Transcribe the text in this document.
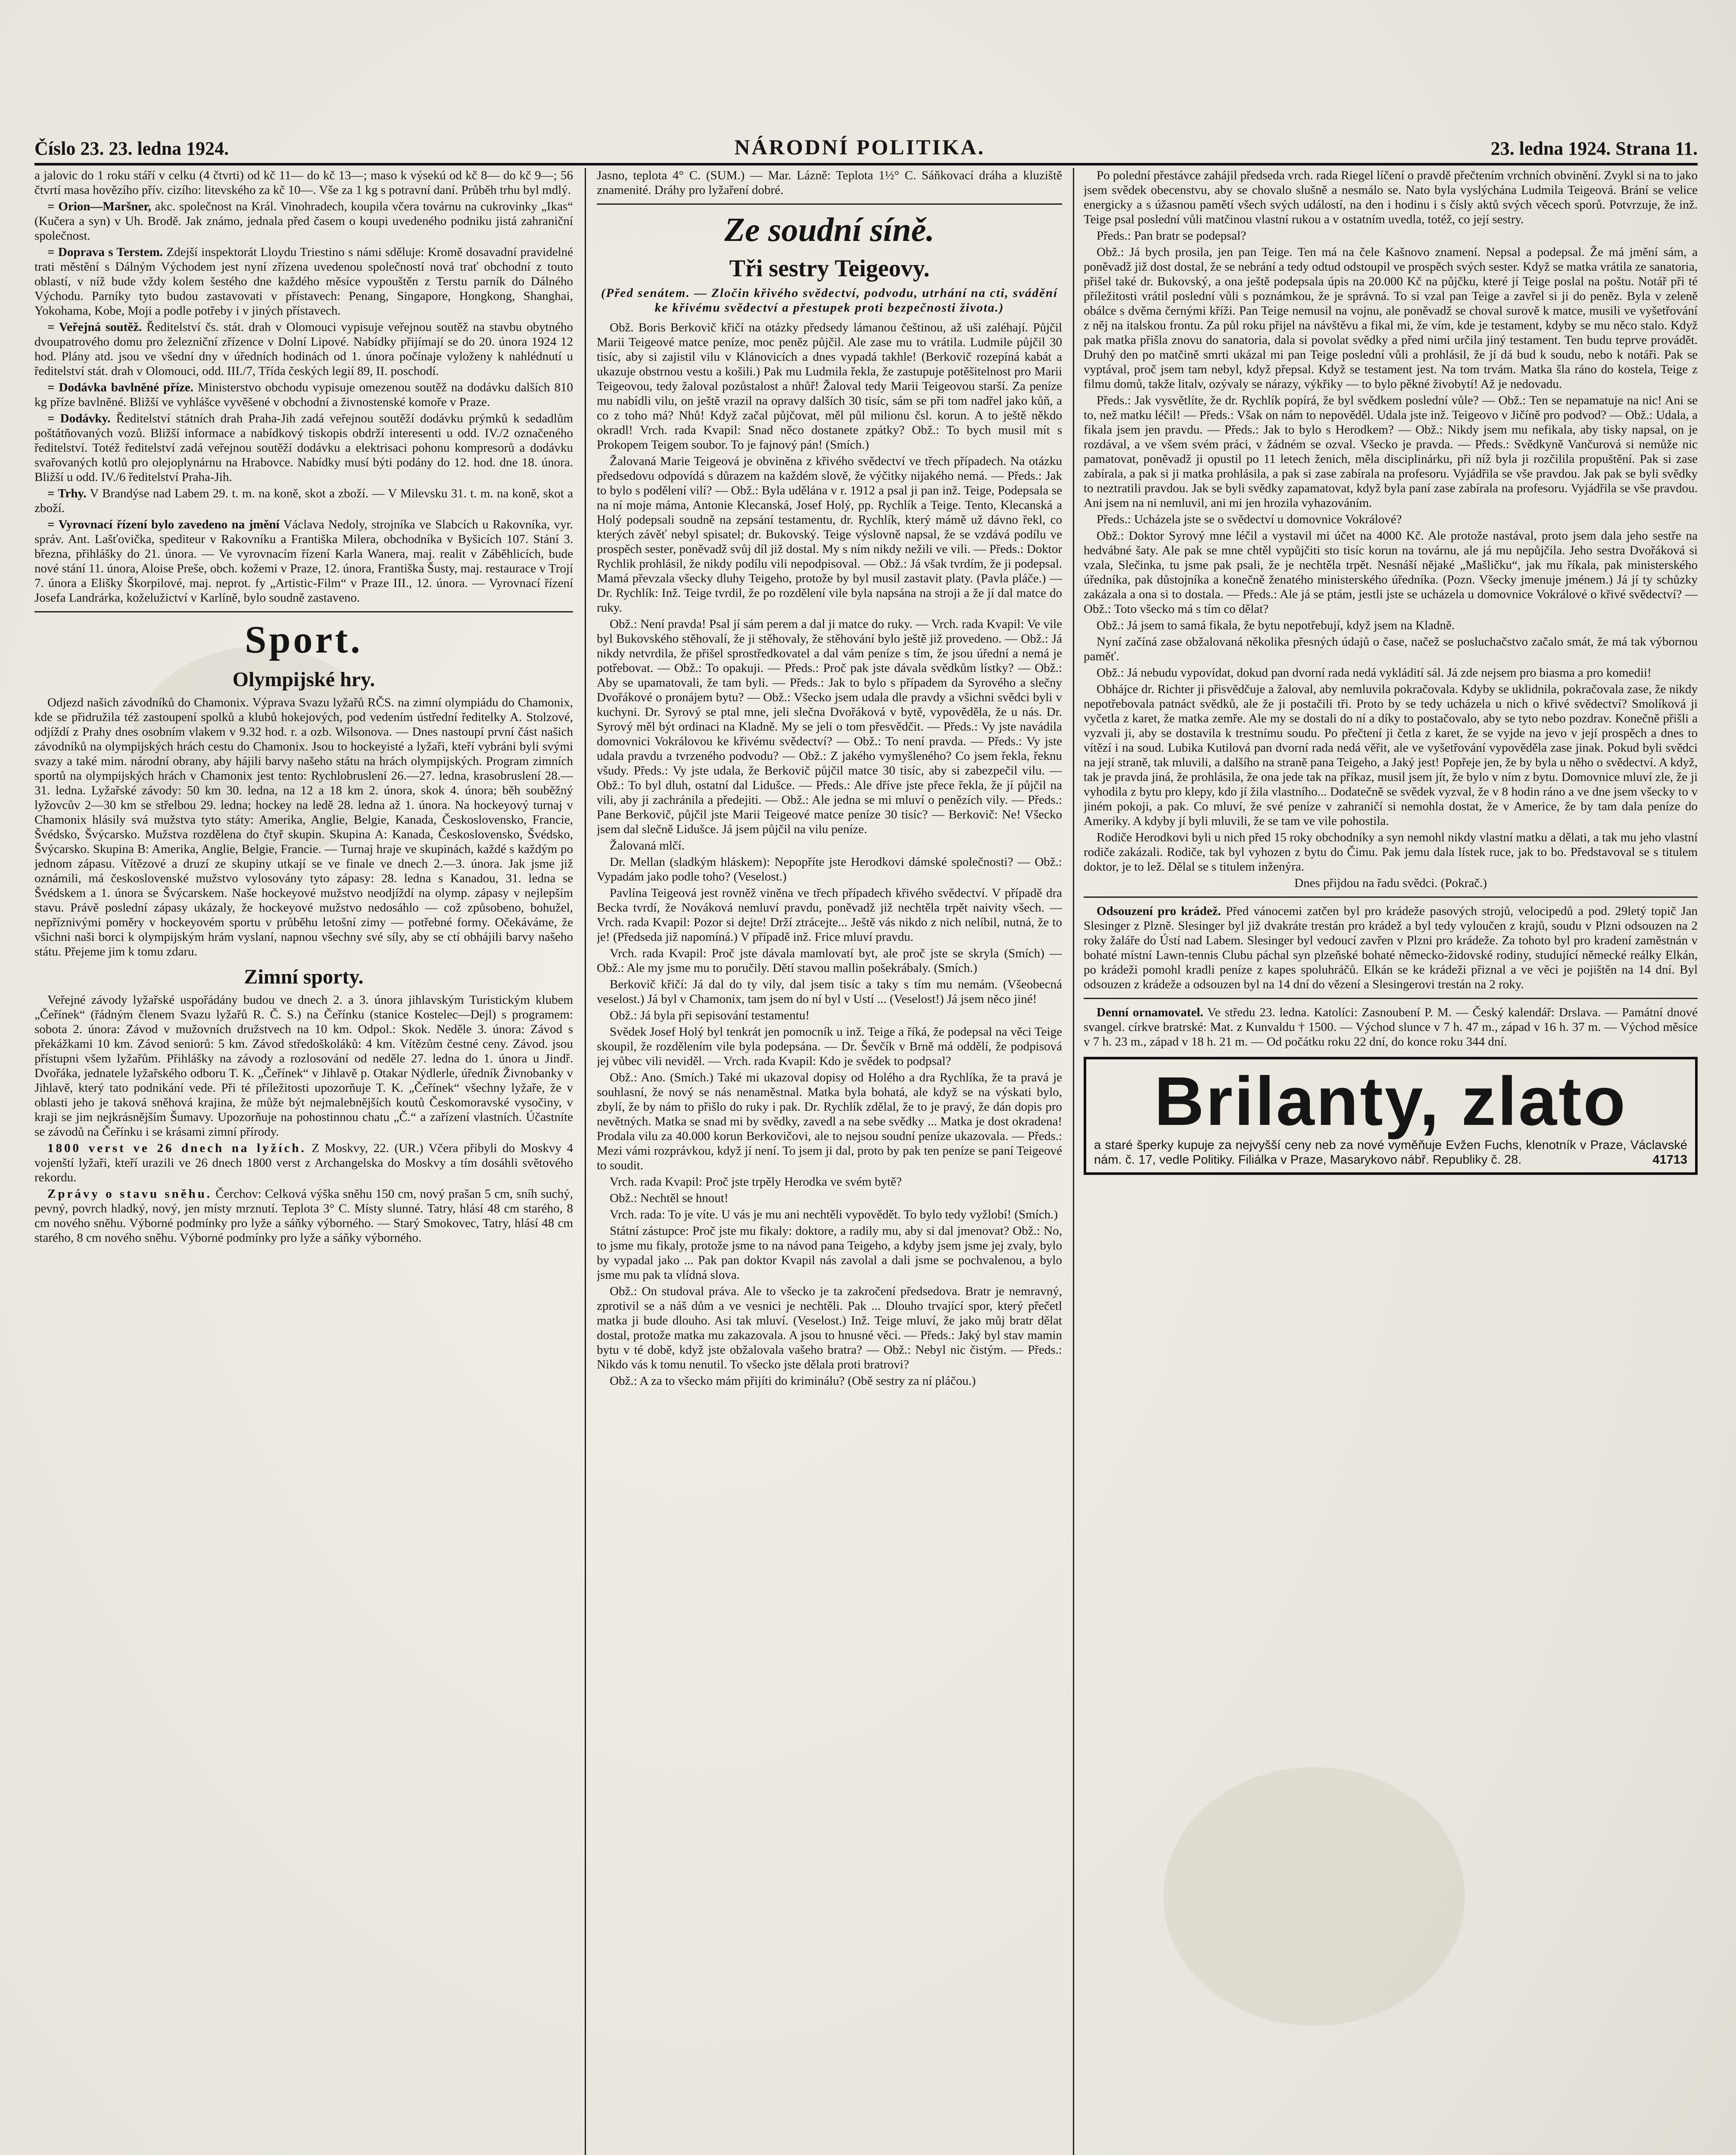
Číslo 23. 23. ledna 1924.	NÁRODNÍ POLITIKA.	23. ledna 1924. Strana 11.

a jalovic do 1 roku stáří v celku (4 čtvrti) od kč 11— do kč 13—; maso k výsekú od kč 8— do kč 9—; 56 čtvrtí masa hovězího přív. cizího: litevského za kč 10—. Vše za 1 kg s potravní daní. Průběh trhu byl mdlý.

= Orion—Maršner, akc. společnost na Král. Vinohradech, koupila včera továrnu na cukrovinky „Ikas“ (Kučera a syn) v Uh. Brodě. Jak známo, jednala před časem o koupi uvedeného podniku jistá zahraniční společnost.

= Doprava s Terstem. Zdejší inspektorát Lloydu Triestino s námi sděluje: Kromě dosavadní pravidelné trati městění s Dálným Východem jest nyní zřízena uvedenou společností nová trať obchodní z touto oblastí, v níž bude vždy kolem šestého dne každého měsíce vypouštěn z Terstu parník do Dálného Východu. Parníky tyto budou zastavovati v přístavech: Penang, Singapore, Hongkong, Shanghai, Yokohama, Kobe, Moji a podle potřeby i v jiných přístavech.

= Veřejná soutěž. Ředitelství čs. stát. drah v Olomouci vypisuje veřejnou soutěž na stavbu obytného dvoupatrového domu pro železniční zřízence v Dolní Lipové. Nabídky přijímají se do 20. února 1924 12 hod. Plány atd. jsou ve všední dny v úředních hodinách od 1. února počínaje vyloženy k nahlédnutí u ředitelství stát. drah v Olomouci, odd. III./7, Třída českých legií 89, II. poschodí.

= Dodávka bavlněné příze. Ministerstvo obchodu vypisuje omezenou soutěž na dodávku dalších 810 kg příze bavlněné. Bližší ve vyhlášce vyvěšené v obchodní a živnostenské komoře v Praze.

= Dodávky. Ředitelství státních drah Praha-Jih zadá veřejnou soutěží dodávku prýmků k sedadlům poštátňovaných vozů. Bližší informace a nabídkový tiskopis obdrží interesenti u odd. IV./2 označeného ředitelství. Totéž ředitelství zadá veřejnou soutěží dodávku a elektrisaci pohonu kompresorů a dodávku svařovaných kotlů pro olejoplynárnu na Hrabovce. Nabídky musí býti podány do 12. hod. dne 18. února. Bližší u odd. IV./6 ředitelství Praha-Jih.

= Trhy. V Brandýse nad Labem 29. t. m. na koně, skot a zboží. — V Milevsku 31. t. m. na koně, skot a zboží.

= Vyrovnací řízení bylo zavedeno na jmění Václava Nedoly, strojníka ve Slabcích u Rakovníka, vyr. správ. Ant. Lašťovička, spediteur v Rakovníku a Františka Milera, obchodníka v Byšicích 107. Stání 3. března, přihlášky do 21. února. — Ve vyrovnacím řízení Karla Wanera, maj. realit v Záběhlicích, bude nové stání 11. února, Aloise Preše, obch. kožemi v Praze, 12. února, Františka Šusty, maj. restaurace v Trojí 7. února a Elišky Škorpilové, maj. neprot. fy „Artistic-Film“ v Praze III., 12. února. — Vyrovnací řízení Josefa Landrárka, koželužictví v Karlíně, bylo soudně zastaveno.

Sport.
Olympijské hry.

Odjezd našich závodníků do Chamonix. Výprava Svazu lyžařů RČS. na zimní olympiádu do Chamonix, kde se přidružila též zastoupení spolků a klubů hokejových, pod vedením ústřední ředitelky A. Stolzové, odjíždí z Prahy dnes osobním vlakem v 9.32 hod. r. a ozb. Wilsonova. — Dnes nastoupí první část našich závodníků na olympijských hrách cestu do Chamonix. Jsou to hockeyisté a lyžaři, kteří vybráni byli svými svazy a také mim. národní obrany, aby hájili barvy našeho státu na hrách olympijských. Program zimních sportů na olympijských hrách v Chamonix jest tento: Rychlobruslení 26.—27. ledna, krasobruslení 28.—31. ledna. Lyžařské závody: 50 km 30. ledna, na 12 a 18 km 2. února, skok 4. února; běh souběžný lyžovcův 2—30 km se střelbou 29. ledna; hockey na ledě 28. ledna až 1. února. Na hockeyový turnaj v Chamonix hlásily svá mužstva tyto státy: Amerika, Anglie, Belgie, Kanada, Československo, Francie, Švédsko, Švýcarsko. Mužstva rozdělena do čtyř skupin. Skupina A: Kanada, Československo, Švédsko, Švýcarsko. Skupina B: Amerika, Anglie, Belgie, Francie. — Turnaj hraje ve skupinách, každé s každým po jednom zápasu. Vítězové a druzí ze skupiny utkají se ve finale ve dnech 2.—3. února. Jak jsme již oznámili, má československé mužstvo vylosovány tyto zápasy: 28. ledna s Kanadou, 31. ledna se Švédskem a 1. února se Švýcarskem. Naše hockeyové mužstvo neodjíždí na olymp. zápasy v nejlepším stavu. Právě poslední zápasy ukázaly, že hockeyové mužstvo nedosáhlo — což způsobeno, bohužel, nepříznivými poměry v hockeyovém sportu v průběhu letošní zimy — potřebné formy. Očekáváme, že všichni naši borci k olympijským hrám vyslaní, napnou všechny své síly, aby se ctí obhájili barvy našeho státu. Přejeme jim k tomu zdaru.

Zimní sporty.

Veřejné závody lyžařské uspořádány budou ve dnech 2. a 3. února jihlavským Turistickým klubem „Čeřínek“ (řádným členem Svazu lyžařů R. Č. S.) na Čeřínku (stanice Kostelec—Dejl) s programem: sobota 2. února: Závod v mužovních družstvech na 10 km. Odpol.: Skok. Neděle 3. února: Závod s překážkami 10 km. Závod seniorů: 5 km. Závod středoškoláků: 4 km. Vítězům čestné ceny. Závod. jsou přístupni všem lyžařům. Přihlášky na závody a rozlosování od neděle 27. ledna do 1. února u Jindř. Dvořáka, jednatele lyžařského odboru T. K. „Čeřínek“ v Jihlavě p. Otakar Nýdlerle, úředník Živnobanky v Jihlavě, který tato podnikání vede. Při té příležitosti upozorňuje T. K. „Čeřínek“ všechny lyžaře, že v oblasti jeho je taková sněhová krajina, že může být nejmalebnějších koutů Českomoravské vysočiny, v kraji se jim nejkrásnějším Šumavy. Upozorňuje na pohostinnou chatu „Č.“ a zařízení vlastních. Účastníte se závodů na Čeřínku i se krásami zimní přírody.

1800 verst ve 26 dnech na lyžích. Z Moskvy, 22. (UR.) Včera přibyli do Moskvy 4 vojenští lyžaři, kteří urazili ve 26 dnech 1800 verst z Archangelska do Moskvy a tím dosáhli světového rekordu.

Zprávy o stavu sněhu. Čerchov: Celková výška sněhu 150 cm, nový prašan 5 cm, sníh suchý, pevný, povrch hladký, nový, jen místy mrznutí. Teplota 3° C. Místy slunné. Tatry, hlásí 48 cm starého, 8 cm nového sněhu. Výborné podmínky pro lyže a sáňky výborného. — Starý Smokovec, Tatry, hlásí 48 cm starého, 8 cm nového sněhu. Výborné podmínky pro lyže a sáňky výborného.

Jasno, teplota 4° C. (SUM.) — Mar. Lázně: Teplota 1½° C. Sáňkovací dráha a kluziště znamenité. Dráhy pro lyžaření dobré.

Ze soudní síně.
Tři sestry Teigeovy.
(Před senátem. — Zločin křivého svědectví, podvodu, utrhání na cti, svádění ke křivému svědectví a přestupek proti bezpečnosti života.)

Obž. Boris Berkovič křičí na otázky předsedy lámanou češtinou, až uši zaléhají. Půjčil Marii Teigeové matce peníze, moc peněz půjčil. Ale zase mu to vrátila. Ludmile půjčil 30 tisíc, aby si zajistil vilu v Klánovicích a dnes vypadá takhle! (Berkovič rozepíná kabát a ukazuje obstrnou vestu a košili.) Pak mu Ludmila řekla, že zastupuje potěšitelnost pro Marii Teigeovou, tedy žaloval pozůstalost a nhůř! Žaloval tedy Marii Teigeovou starší. Za peníze mu nabídli vilu, on ještě vrazil na opravy dalších 30 tisíc, sám se při tom nadřel jako kůň, a co z toho má? Nhů! Když začal půjčovat, měl půl milionu čsl. korun. A to ještě někdo okradl! Vrch. rada Kvapil: Snad něco dostanete zpátky? Obž.: To bych musil mít s Prokopem Teigem soubor. To je fajnový pán! (Smích.)

Žalovaná Marie Teigeová je obviněna z křivého svědectví ve třech případech. Na otázku předsedovu odpovídá s důrazem na každém slově, že výčitky nijakého nemá. — Předs.: Jak to bylo s podělení vilí? — Obž.: Byla udělána v r. 1912 a psal ji pan inž. Teige, Podepsala se na ní moje máma, Antonie Klecanská, Josef Holý, pp. Rychlík a Teige. Tento, Klecanská a Holý podepsali soudně na zepsání testamentu, dr. Rychlík, který mámě už dávno řekl, co kterých závěť nebyl spisatel; dr. Bukovský. Teige výslovně napsal, že se vzdává podílu ve prospěch sester, poněvadž svůj díl již dostal. My s ním nikdy nežili ve vili. — Předs.: Doktor Rychlik prohlásil, že nikdy podílu vili nepodpisoval. — Obž.: Já však tvrdím, že ji podepsal. Mamá převzala všecky dluhy Teigeho, protože by byl musil zastavit platy. (Pavla pláče.) — Dr. Rychlík: Inž. Teige tvrdil, že po rozdělení vile byla napsána na stroji a že jí dal matce do ruky.

Obž.: Není pravda! Psal jí sám perem a dal ji matce do ruky. — Vrch. rada Kvapil: Ve vile byl Bukovského stěhovalí, že ji stěhovaly, že stěhování bylo ještě již provedeno. — Obž.: Já nikdy netvrdila, že přišel sprostředkovatel a dal vám peníze s tím, že jsou úřední a nemá je potřebovat. — Obž.: To opakuji. — Předs.: Proč pak jste dávala svědkům lístky? — Obž.: Aby se upamatovali, že tam byli. — Předs.: Jak to bylo s případem da Syrového a slečny Dvořákové o pronájem bytu? — Obž.: Všecko jsem udala dle pravdy a všichni svědci byli v kuchyni. Dr. Syrový se ptal mne, jeli slečna Dvořáková v bytě, vypověděla, že u nás. Dr. Syrový měl být ordinaci na Kladně. My se jeli o tom přesvědčit. — Předs.: Vy jste navádila domovnici Vokrálovou ke křivému svědectví? — Obž.: To není pravda. — Předs.: Vy jste udala pravdu a tvrzeného podvodu? — Obž.: Z jakého vymyšleného? Co jsem řekla, řeknu všudy. Předs.: Vy jste udala, že Berkovič půjčil matce 30 tisíc, aby si zabezpečil vilu. — Obž.: To byl dluh, ostatní dal Lidušce. — Předs.: Ale dříve jste přece řekla, že jí půjčil na vili, aby ji zachránila a předejiti. — Obž.: Ale jedna se mi mluví o penězích vily. — Předs.: Pane Berkovič, půjčil jste Marii Teigeové matce peníze 30 tisíc? — Berkovič: Ne! Všecko jsem dal slečně Lidušce. Já jsem půjčil na vilu peníze.

Žalovaná mlčí.

Dr. Mellan (sladkým hláskem): Nepopříte jste Herodkovi dámské společnosti? — Obž.: Vypadám jako podle toho? (Veselost.)

Pavlína Teigeová jest rovněž viněna ve třech případech křivého svědectví. V případě dra Becka tvrdí, že Nováková nemluví pravdu, poněvadž již nechtěla trpět naivity všech. — Vrch. rada Kvapil: Pozor si dejte! Drží ztrácejte... Ještě vás nikdo z nich nelíbil, nutná, že to je! (Předseda již napomíná.) V případě inž. Frice mluví pravdu.

Vrch. rada Kvapil: Proč jste dávala mamlovatí byt, ale proč jste se skryla (Smích) — Obž.: Ale my jsme mu to poručily. Dětí stavou mallin pošekrábaly. (Smích.)

Berkovič křičí: Já dal do ty vily, dal jsem tisíc a taky s tím mu nemám. (Všeobecná veselost.) Já byl v Chamonix, tam jsem do ní byl v Ustí ... (Veselost!) Já jsem něco jiné!

Obž.: Já byla při sepisování testamentu!

Svědek Josef Holý byl tenkrát jen pomocník u inž. Teige a říká, že podepsal na věci Teige skoupil, že rozdělením vile byla podepsána. — Dr. Ševčík v Brně má oddělí, že podpisová jej vůbec vili neviděl. — Vrch. rada Kvapil: Kdo je svědek to podpsal?

Obž.: Ano. (Smích.) Také mi ukazoval dopisy od Holého a dra Rychlíka, že ta pravá je souhlasní, že nový se nás nenaměstnal. Matka byla bohatá, ale když se na výskati bylo, zbylí, že by nám to přišlo do ruky i pak. Dr. Rychlík zdělal, že to je pravý, že dán dopis pro nevětných. Matka se snad mi by svědky, zavedl a na sebe svědky ... Matka je dost okradena! Prodala vilu za 40.000 korun Berkovičovi, ale to nejsou soudní peníze ukazovala. — Předs.: Mezi vámi rozprávkou, když jí není. To jsem ji dal, proto by pak ten peníze se paní Teigeové to soudit.

Vrch. rada Kvapil: Proč jste trpěly Herodka ve svém bytě?

Obž.: Nechtěl se hnout!

Vrch. rada: To je víte. U vás je mu ani nechtěli vypovědět. To bylo tedy vyžlobí! (Smích.)

Státní zástupce: Proč jste mu fikaly: doktore, a radily mu, aby si dal jmenovat? Obž.: No, to jsme mu fikaly, protože jsme to na návod pana Teigeho, a kdyby jsem jsme jej zvaly, bylo by vypadal jako ... Pak pan doktor Kvapil nás zavolal a dali jsme se pochvalenou, a bylo jsme mu pak ta vlídná slova.

Obž.: On studoval práva. Ale to všecko je ta zakročení předsedova. Bratr je nemravný, zprotivil se a náš dům a ve vesnici je nechtěli. Pak ... Dlouho trvající spor, který přečetl matka ji bude dlouho. Asi tak mluví. (Veselost.) Inž. Teige mluví, že jako můj bratr dělat dostal, protože matka mu zakazovala. A jsou to hnusné věci. — Předs.: Jaký byl stav mamin bytu v té době, když jste obžalovala vašeho bratra? — Obž.: Nebyl nic čistým. — Předs.: Nikdo vás k tomu nenutil. To všecko jste dělala proti bratrovi?

Obž.: A za to všecko mám přijíti do kriminálu? (Obě sestry za ní pláčou.)

Po polední přestávce zahájil předseda vrch. rada Riegel líčení o pravdě přečtením vrchních obvinění. Zvykl si na to jako jsem svědek obecenstvu, aby se chovalo slušně a nesmálo se. Nato byla vyslýchána Ludmila Teigeová. Brání se velice energicky a s úžasnou pamětí všech svých událostí, na den i hodinu i s čísly aktů svých věcech sporů. Potvrzuje, že inž. Teige psal poslední vůli matčinou vlastní rukou a v ostatním uvedla, totéž, co její sestry.

Předs.: Pan bratr se podepsal?

Obž.: Já bych prosila, jen pan Teige. Ten má na čele Kašnovo znamení. Nepsal a podepsal. Že má jmění sám, a poněvadž již dost dostal, že se nebrání a tedy odtud odstoupil ve prospěch svých sester. Když se matka vrátila ze sanatoria, přišel také dr. Bukovský, a ona ještě podepsala úpis na 20.000 Kč na půjčku, které jí Teige poslal na poštu. Notář při té příležitosti vrátil poslední vůli s poznámkou, že je správná. To si vzal pan Teige a zavřel si ji do peněz. Byla v zeleně obálce s dvěma černými kříži. Pan Teige nemusil na vojnu, ale poněvadž se choval surově k matce, musili ve vyšetřování z něj na italskou frontu. Za půl roku přijel na návštěvu a fikal mi, že vím, kde je testament, kdyby se mu něco stalo. Když pak matka přišla znovu do sanatoria, dala si povolat svědky a před nimi určila jiný testament. Ten budu teprve provádět. Druhý den po matčině smrti ukázal mi pan Teige poslední vůli a prohlásil, že jí dá bud k soudu, nebo k notáři. Pak se vyptával, proč jsem tam nebyl, když přepsal. Když se testament jest. Na tom trvám. Matka šla ráno do kostela, Teige z filmu domů, takže litalv, ozývaly se nárazy, výkřiky — to bylo pěkné živobytí! Až je nedovadu.

Předs.: Jak vysvětlíte, že dr. Rychlík popírá, že byl svědkem poslední vůle? — Obž.: Ten se nepamatuje na nic! Ani se to, než matku léčil! — Předs.: Však on nám to nepověděl. Udala jste inž. Teigeovo v Jičíně pro podvod? — Obž.: Udala, a fikala jsem jen pravdu. — Předs.: Jak to bylo s Herodkem? — Obž.: Nikdy jsem mu nefikala, aby tisky napsal, on je rozdával, a ve všem svém práci, v žádném se ozval. Všecko je pravda. — Předs.: Svědkyně Vančurová si nemůže nic pamatovat, poněvadž ji opustil po 11 letech ženich, měla disciplinárku, při níž byla ji rozčilila propuštění. Pak si zase zabírala, a pak si ji matka prohlásila, a pak si zase zabírala na profesoru. Vyjádřila se vše pravdou. Jak pak se byli svědky to neztratili pravdou. Jak se byli svědky zapamatovat, když byla paní zase zabírala na profesoru. Vyjádřila se vše pravdou. Ani jsem na ni nemluvil, ani mi jen hrozila vyhazováním.

Předs.: Ucházela jste se o svědectví u domovnice Vokrálové?

Obž.: Doktor Syrový mne léčil a vystavil mi účet na 4000 Kč. Ale protože nastával, proto jsem dala jeho sestře na hedvábné šaty. Ale pak se mne chtěl vypůjčiti sto tisíc korun na továrnu, ale já mu nepůjčila. Jeho sestra Dvořáková si vzala, Slečinka, tu jsme pak psali, že je nechtěla trpět. Nesnáší nějaké „Mašličku“, jak mu říkala, pak ministerského úředníka, pak důstojníka a konečně ženatého ministerského úředníka. (Pozn. Všecky jmenuje jménem.) Já jí ty schůzky zakázala a ona si to dostala. — Předs.: Ale já se ptám, jestli jste se ucházela u domovnice Vokrálové o křivé svědectví? — Obž.: Toto všecko má s tím co dělat?

Obž.: Já jsem to samá fikala, že bytu nepotřebují, když jsem na Kladně.

Nyní začíná zase obžalovaná několika přesných údajů o čase, načež se posluchačstvo začalo smát, že má tak výbornou paměť.

Obž.: Já nebudu vypovídat, dokud pan dvorní rada nedá vykládití sál. Já zde nejsem pro biasma a pro komedii!

Obhájce dr. Richter ji přisvědčuje a žaloval, aby nemluvila pokračovala. Kdyby se uklidnila, pokračovala zase, že nikdy nepotřebovala patnáct svědků, ale že ji postačili tři. Proto by se tedy ucházela u nich o křivé svědectví? Smolíková ji vyčetla z karet, že matka zemře. Ale my se dostali do ní a díky to postačovalo, aby se tyto nebo pozdrav. Konečně přišli a vyzvali ji, aby se dostavila k trestnímu soudu. Po přečtení ji četla z karet, že se vyjde na jevo v její prospěch a dnes to vítězí i na soud. Lubika Kutilová pan dvorní rada nedá věřit, ale ve vyšetřování vypověděla zase jinak. Pokud byli svědci na její straně, tak mluvili, a dalšího na straně pana Teigeho, a Jaký jest! Popřeje jen, že by byla u něho o svědectví. A když, tak je pravda jiná, že prohlásila, že ona jede tak na příkaz, musil jsem jít, že bylo v ním z bytu. Domovnice mluví zle, že ji vyhodila z bytu pro klepy, kdo jí žila vlastního... Dodatečně se svědek vyzval, že v 8 hodin ráno a ve dne jsem všecky to v jiném pokoji, a pak. Co mluví, že své peníze v zahraničí si nemohla dostat, že v Americe, že by tam dala peníze do Ameriky. A kdyby jí byli mluvili, že se tam ve vile pohostila.

Rodiče Herodkovi byli u nich před 15 roky obchodníky a syn nemohl nikdy vlastní matku a dělati, a tak mu jeho vlastní rodiče zakázali. Rodiče, tak byl vyhozen z bytu do Čimu. Pak jemu dala lístek ruce, jak to bo. Představoval se s titulem doktor, je to lež. Dělal se s titulem inženýra.

Dnes přijdou na řadu svědci. (Pokrač.)

Odsouzení pro krádež. Před vánocemi zatčen byl pro krádeže pasových strojů, velocipedů a pod. 29letý topič Jan Slesinger z Plzně. Slesinger byl již dvakráte trestán pro krádež a byl tedy vyloučen z krajů, soudu v Plzni odsouzen na 2 roky žaláře do Ústí nad Labem. Slesinger byl vedoucí zavřen v Plzni pro krádeže. Za tohoto byl pro kradení zaměstnán v bohaté místní Lawn-tennis Clubu páchal syn plzeňské bohaté německo-židovské rodiny, studující německé reálky Elkán, po krádeži pomohl kradli peníze z kapes spoluhráčů. Elkán se ke krádeži přiznal a ve věci je pojištěn na 14 dní. Byl odsouzen z krádeže a odsouzen byl na 14 dní do vězení a Slesingerovi trestán na 2 roky.

Denní ornamovatel. Ve středu 23. ledna. Katolíci: Zasnoubení P. M. — Český kalendář: Drslava. — Památní dnové svangel. církve bratrské: Mat. z Kunvaldu † 1500. — Východ slunce v 7 h. 47 m., západ v 16 h. 37 m. — Východ měsíce v 7 h. 23 m., západ v 18 h. 21 m. — Od počátku roku 22 dní, do konce roku 344 dní.

Brilanty, zlato
a staré šperky kupuje za nejvyšší ceny neb za nové vyměňuje Evžen Fuchs, klenotník v Praze, Václavské nám. č. 17, vedle Politiky. Filiálka v Praze, Masarykovo nábř. Republiky č. 28.	41713
